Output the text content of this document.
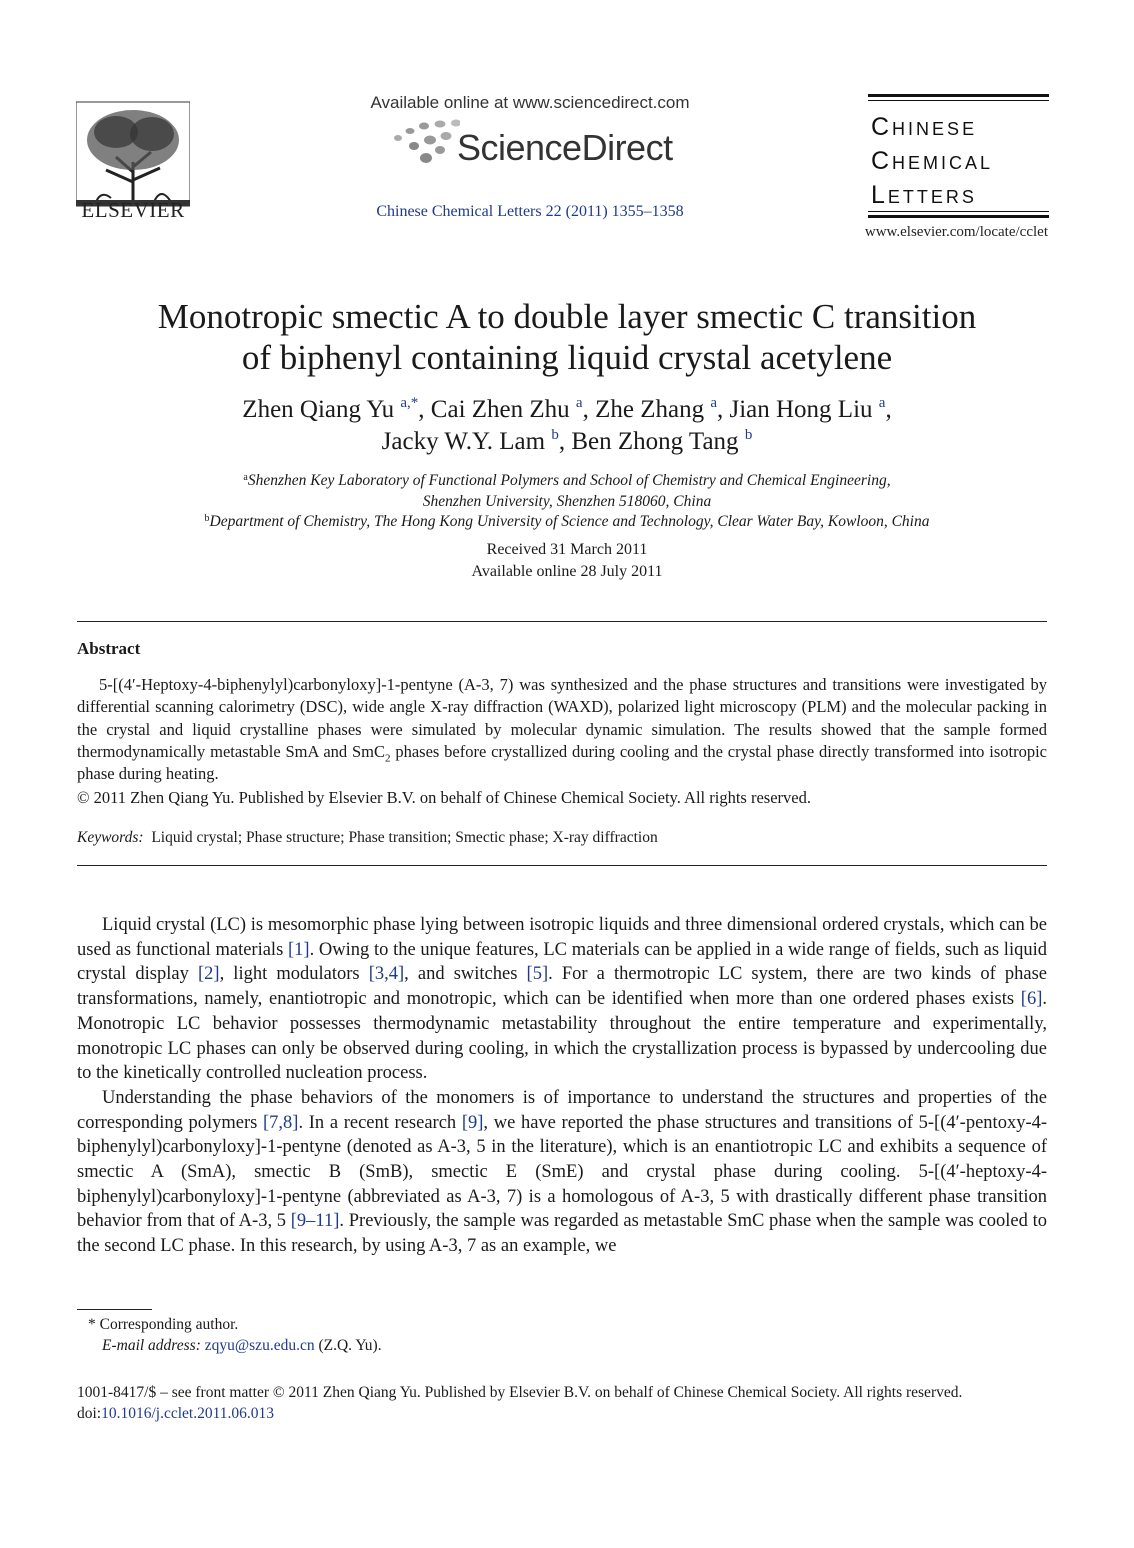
ELSEVIER
Available online at www.sciencedirect.com
ScienceDirect
Chinese Chemical Letters 22 (2011) 1355–1358
Chinese
Chemical
Letters
www.elsevier.com/locate/cclet
Monotropic smectic A to double layer smectic C transition
of biphenyl containing liquid crystal acetylene
Zhen Qiang Yu $^{a,*}$, Cai Zhen Zhu $^a$, Zhe Zhang $^a$, Jian Hong Liu $^a$,
Jacky W.Y. Lam $^b$, Ben Zhong Tang $^b$
$^a$Shenzhen Key Laboratory of Functional Polymers and School of Chemistry and Chemical Engineering,
Shenzhen University, Shenzhen 518060, China
$^b$Department of Chemistry, The Hong Kong University of Science and Technology, Clear Water Bay, Kowloon, China
Received 31 March 2011
Available online 28 July 2011
Abstract
5-[(4′-Heptoxy-4-biphenylyl)carbonyloxy]-1-pentyne (A-3, 7) was synthesized and the phase structures and transitions were investigated by differential scanning calorimetry (DSC), wide angle X-ray diffraction (WAXD), polarized light microscopy (PLM) and the molecular packing in the crystal and liquid crystalline phases were simulated by molecular dynamic simulation. The results showed that the sample formed thermodynamically metastable SmA and SmC$_2$ phases before crystallized during cooling and the crystal phase directly transformed into isotropic phase during heating.
© 2011 Zhen Qiang Yu. Published by Elsevier B.V. on behalf of Chinese Chemical Society. All rights reserved.
Keywords: Liquid crystal; Phase structure; Phase transition; Smectic phase; X-ray diffraction

Liquid crystal (LC) is mesomorphic phase lying between isotropic liquids and three dimensional ordered crystals, which can be used as functional materials [1]. Owing to the unique features, LC materials can be applied in a wide range of fields, such as liquid crystal display [2], light modulators [3,4], and switches [5]. For a thermotropic LC system, there are two kinds of phase transformations, namely, enantiotropic and monotropic, which can be identified when more than one ordered phases exists [6]. Monotropic LC behavior possesses thermodynamic metastability throughout the entire temperature and experimentally, monotropic LC phases can only be observed during cooling, in which the crystallization process is bypassed by undercooling due to the kinetically controlled nucleation process.

Understanding the phase behaviors of the monomers is of importance to understand the structures and properties of the corresponding polymers [7,8]. In a recent research [9], we have reported the phase structures and transitions of 5-[(4′-pentoxy-4-biphenylyl)carbonyloxy]-1-pentyne (denoted as A-3, 5 in the literature), which is an enantiotropic LC and exhibits a sequence of smectic A (SmA), smectic B (SmB), smectic E (SmE) and crystal phase during cooling. 5-[(4′-heptoxy-4-biphenylyl)carbonyloxy]-1-pentyne (abbreviated as A-3, 7) is a homologous of A-3, 5 with drastically different phase transition behavior from that of A-3, 5 [9–11]. Previously, the sample was regarded as metastable SmC phase when the sample was cooled to the second LC phase. In this research, by using A-3, 7 as an example, we

* Corresponding author.
E-mail address: zqyu@szu.edu.cn (Z.Q. Yu).
1001-8417/$ – see front matter © 2011 Zhen Qiang Yu. Published by Elsevier B.V. on behalf of Chinese Chemical Society. All rights reserved.
doi:10.1016/j.cclet.2011.06.013
